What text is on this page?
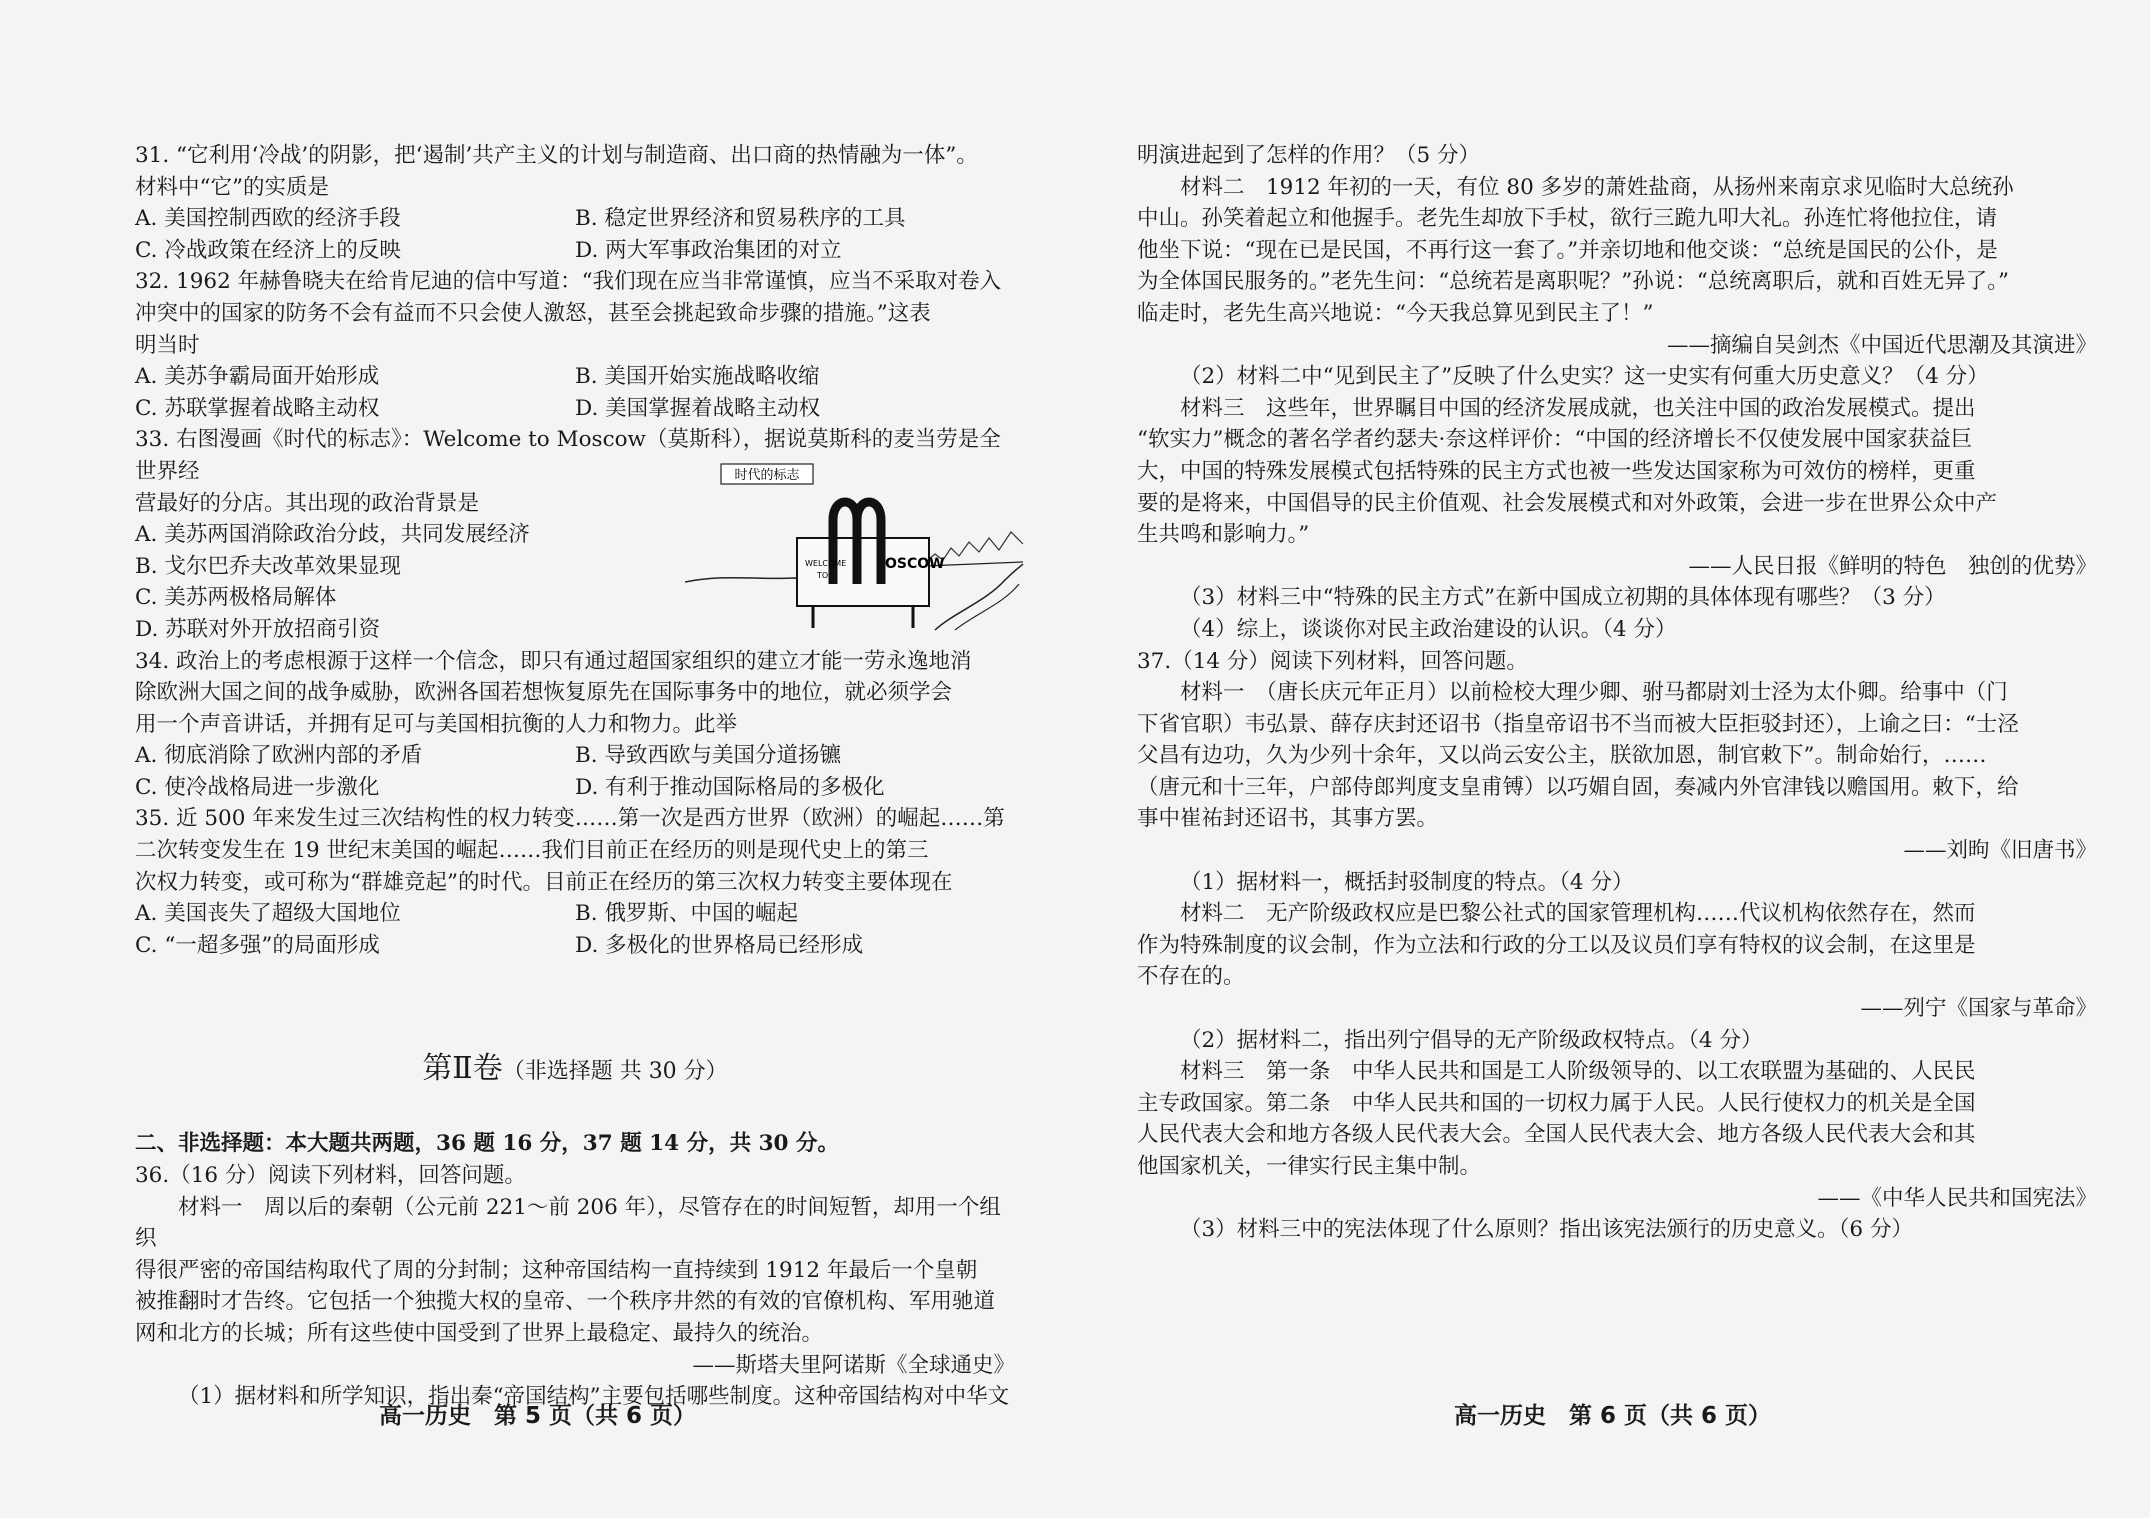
31. “它利用‘冷战’的阴影，把‘遏制’共产主义的计划与制造商、出口商的热情融为一体”。

材料中“它”的实质是

A. 美国控制西欧的经济手段	B. 稳定世界经济和贸易秩序的工具
C. 冷战政策在经济上的反映	D. 两大军事政治集团的对立

32. 1962 年赫鲁晓夫在给肯尼迪的信中写道：“我们现在应当非常谨慎，应当不采取对卷入

冲突中的国家的防务不会有益而不只会使人激怒，甚至会挑起致命步骤的措施。”这表

明当时

A. 美苏争霸局面开始形成	B. 美国开始实施战略收缩
C. 苏联掌握着战略主动权	D. 美国掌握着战略主动权

33. 右图漫画《时代的标志》：Welcome to Moscow（莫斯科），据说莫斯科的麦当劳是全世界经

营最好的分店。其出现的政治背景是

A. 美苏两国消除政治分歧，共同发展经济

B. 戈尔巴乔夫改革效果显现

C. 美苏两极格局解体

D. 苏联对外开放招商引资

时代的标志
WELCOME
TO
OSCOW

34. 政治上的考虑根源于这样一个信念，即只有通过超国家组织的建立才能一劳永逸地消

除欧洲大国之间的战争威胁，欧洲各国若想恢复原先在国际事务中的地位，就必须学会

用一个声音讲话，并拥有足可与美国相抗衡的人力和物力。此举

A. 彻底消除了欧洲内部的矛盾	B. 导致西欧与美国分道扬镳
C. 使冷战格局进一步激化	D. 有利于推动国际格局的多极化

35. 近 500 年来发生过三次结构性的权力转变……第一次是西方世界（欧洲）的崛起……第

二次转变发生在 19 世纪末美国的崛起……我们目前正在经历的则是现代史上的第三

次权力转变，或可称为“群雄竞起”的时代。目前正在经历的第三次权力转变主要体现在

A. 美国丧失了超级大国地位	B. 俄罗斯、中国的崛起
C. “一超多强”的局面形成	D. 多极化的世界格局已经形成
第Ⅱ卷（非选择题 共 30 分）

二、非选择题：本大题共两题，36 题 16 分，37 题 14 分，共 30 分。

36.（16 分）阅读下列材料，回答问题。

材料一　周以后的秦朝（公元前 221～前 206 年），尽管存在的时间短暂，却用一个组织

得很严密的帝国结构取代了周的分封制；这种帝国结构一直持续到 1912 年最后一个皇朝

被推翻时才告终。它包括一个独揽大权的皇帝、一个秩序井然的有效的官僚机构、军用驰道

网和北方的长城；所有这些使中国受到了世界上最稳定、最持久的统治。

——斯塔夫里阿诺斯《全球通史》

（1）据材料和所学知识，指出秦“帝国结构”主要包括哪些制度。这种帝国结构对中华文

高一历史　第 5 页（共 6 页）

明演进起到了怎样的作用？（5 分）

材料二　1912 年初的一天，有位 80 多岁的萧姓盐商，从扬州来南京求见临时大总统孙

中山。孙笑着起立和他握手。老先生却放下手杖，欲行三跪九叩大礼。孙连忙将他拉住，请

他坐下说：“现在已是民国，不再行这一套了。”并亲切地和他交谈：“总统是国民的公仆，是

为全体国民服务的。”老先生问：“总统若是离职呢？”孙说：“总统离职后，就和百姓无异了。”

临走时，老先生高兴地说：“今天我总算见到民主了！”

——摘编自吴剑杰《中国近代思潮及其演进》

（2）材料二中“见到民主了”反映了什么史实？这一史实有何重大历史意义？（4 分）

材料三　这些年，世界瞩目中国的经济发展成就，也关注中国的政治发展模式。提出

“软实力”概念的著名学者约瑟夫·奈这样评价：“中国的经济增长不仅使发展中国家获益巨

大，中国的特殊发展模式包括特殊的民主方式也被一些发达国家称为可效仿的榜样，更重

要的是将来，中国倡导的民主价值观、社会发展模式和对外政策，会进一步在世界公众中产

生共鸣和影响力。”

——人民日报《鲜明的特色　独创的优势》

（3）材料三中“特殊的民主方式”在新中国成立初期的具体体现有哪些？（3 分）

（4）综上，谈谈你对民主政治建设的认识。（4 分）

37.（14 分）阅读下列材料，回答问题。

材料一　（唐长庆元年正月）以前检校大理少卿、驸马都尉刘士泾为太仆卿。给事中（门

下省官职）韦弘景、薛存庆封还诏书（指皇帝诏书不当而被大臣拒驳封还），上谕之曰：“士泾

父昌有边功，久为少列十余年，又以尚云安公主，朕欲加恩，制官敕下”。制命始行，……

（唐元和十三年，户部侍郎判度支皇甫镈）以巧媚自固，奏减内外官津钱以赡国用。敕下，给

事中崔祐封还诏书，其事方罢。

——刘昫《旧唐书》

（1）据材料一，概括封驳制度的特点。（4 分）

材料二　无产阶级政权应是巴黎公社式的国家管理机构……代议机构依然存在，然而

作为特殊制度的议会制，作为立法和行政的分工以及议员们享有特权的议会制，在这里是

不存在的。

——列宁《国家与革命》

（2）据材料二，指出列宁倡导的无产阶级政权特点。（4 分）

材料三　第一条　中华人民共和国是工人阶级领导的、以工农联盟为基础的、人民民

主专政国家。第二条　中华人民共和国的一切权力属于人民。人民行使权力的机关是全国

人民代表大会和地方各级人民代表大会。全国人民代表大会、地方各级人民代表大会和其

他国家机关，一律实行民主集中制。

——《中华人民共和国宪法》

（3）材料三中的宪法体现了什么原则？指出该宪法颁行的历史意义。（6 分）

高一历史　第 6 页（共 6 页）
